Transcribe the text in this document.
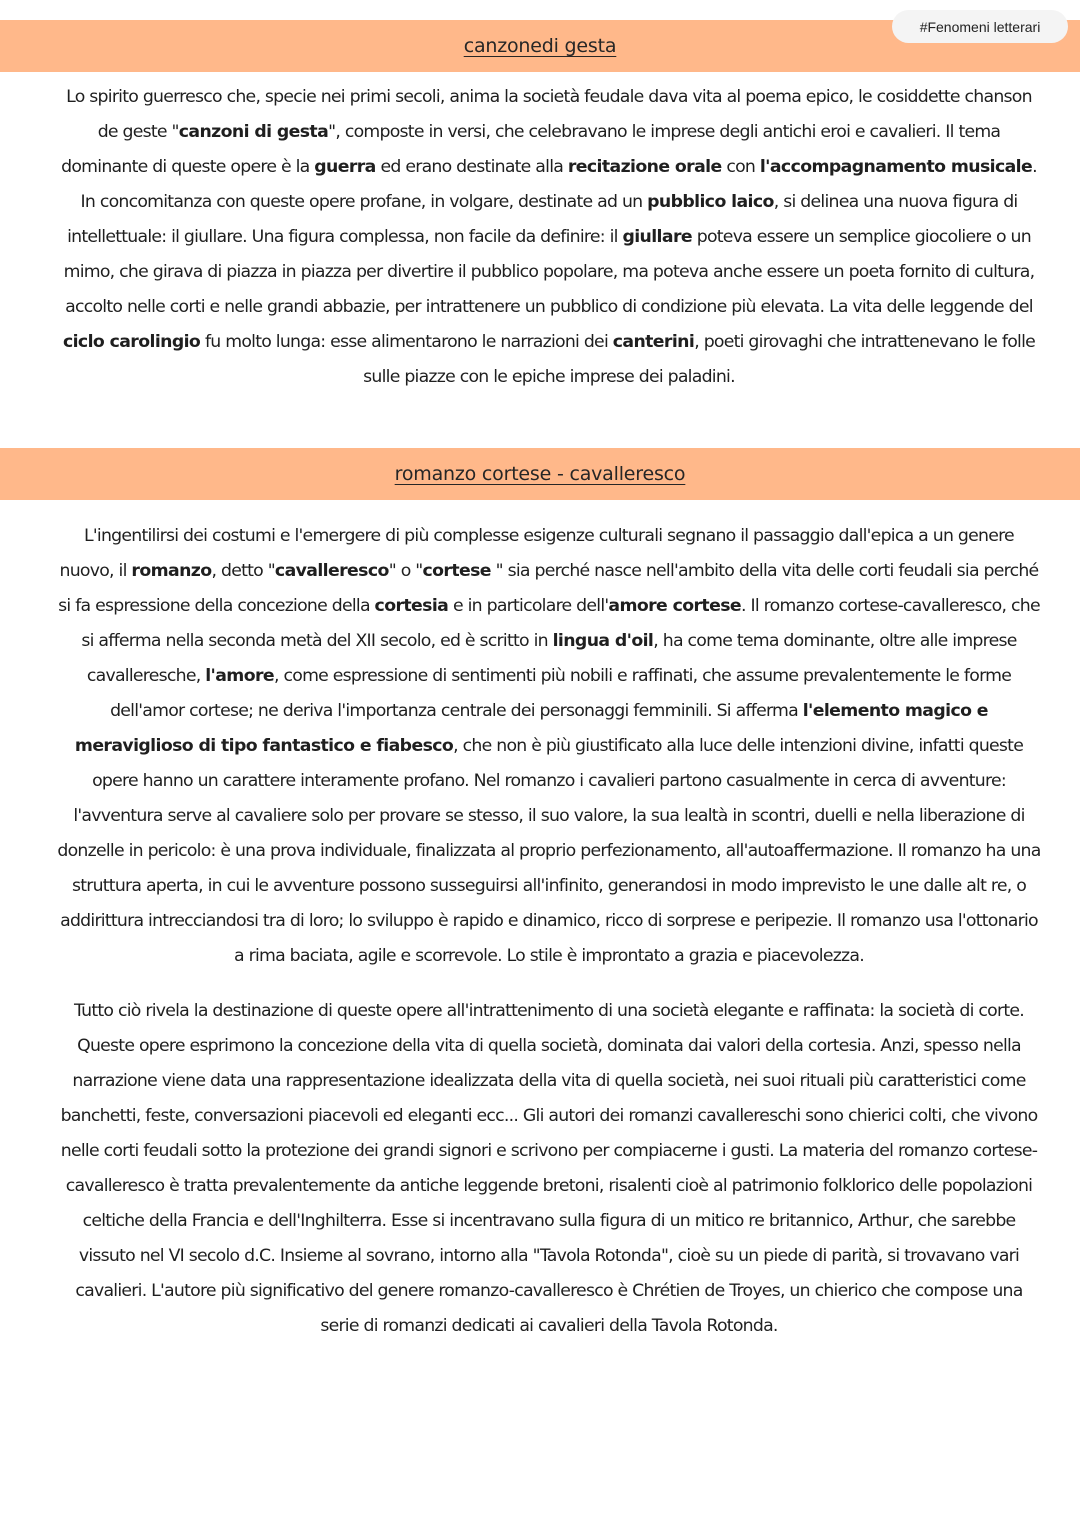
canzonedi gesta
#Fenomeni letterari

Lo spirito guerresco che, specie nei primi secoli, anima la società feudale dava vita al poema epico, le cosiddette chanson de geste "canzoni di gesta", composte in versi, che celebravano le imprese degli antichi eroi e cavalieri. Il tema dominante di queste opere è la guerra ed erano destinate alla recitazione orale con l'accompagnamento musicale. In concomitanza con queste opere profane, in volgare, destinate ad un pubblico laico, si delinea una nuova figura di intellettuale: il giullare. Una figura complessa, non facile da definire: il giullare poteva essere un semplice giocoliere o un mimo, che girava di piazza in piazza per divertire il pubblico popolare, ma poteva anche essere un poeta fornito di cultura, accolto nelle corti e nelle grandi abbazie, per intrattenere un pubblico di condizione più elevata. La vita delle leggende del ciclo carolingio fu molto lunga: esse alimentarono le narrazioni dei canterini, poeti girovaghi che intrattenevano le folle sulle piazze con le epiche imprese dei paladini.

romanzo cortese - cavalleresco

L'ingentilirsi dei costumi e l'emergere di più complesse esigenze culturali segnano il passaggio dall'epica a un genere nuovo, il romanzo, detto "cavalleresco" o "cortese " sia perché nasce nell'ambito della vita delle corti feudali sia perché si fa espressione della concezione della cortesia e in particolare dell'amore cortese. Il romanzo cortese-cavalleresco, che si afferma nella seconda metà del XII secolo, ed è scritto in lingua d'oil, ha come tema dominante, oltre alle imprese cavalleresche, l'amore, come espressione di sentimenti più nobili e raffinati, che assume prevalentemente le forme dell'amor cortese; ne deriva l'importanza centrale dei personaggi femminili. Si afferma l'elemento magico e meraviglioso di tipo fantastico e fiabesco, che non è più giustificato alla luce delle intenzioni divine, infatti queste opere hanno un carattere interamente profano. Nel romanzo i cavalieri partono casualmente in cerca di avventure: l'avventura serve al cavaliere solo per provare se stesso, il suo valore, la sua lealtà in scontri, duelli e nella liberazione di donzelle in pericolo: è una prova individuale, finalizzata al proprio perfezionamento, all'autoaffermazione. Il romanzo ha una struttura aperta, in cui le avventure possono susseguirsi all'infinito, generandosi in modo imprevisto le une dalle alt re, o addirittura intrecciandosi tra di loro; lo sviluppo è rapido e dinamico, ricco di sorprese e peripezie. Il romanzo usa l'ottonario a rima baciata, agile e scorrevole. Lo stile è improntato a grazia e piacevolezza.

Tutto ciò rivela la destinazione di queste opere all'intrattenimento di una società elegante e raffinata: la società di corte. Queste opere esprimono la concezione della vita di quella società, dominata dai valori della cortesia. Anzi, spesso nella narrazione viene data una rappresentazione idealizzata della vita di quella società, nei suoi rituali più caratteristici come banchetti, feste, conversazioni piacevoli ed eleganti ecc... Gli autori dei romanzi cavallereschi sono chierici colti, che vivono nelle corti feudali sotto la protezione dei grandi signori e scrivono per compiacerne i gusti. La materia del romanzo cortese-cavalleresco è tratta prevalentemente da antiche leggende bretoni, risalenti cioè al patrimonio folklorico delle popolazioni celtiche della Francia e dell'Inghilterra. Esse si incentravano sulla figura di un mitico re britannico, Arthur, che sarebbe vissuto nel VI secolo d.C. Insieme al sovrano, intorno alla "Tavola Rotonda", cioè su un piede di parità, si trovavano vari cavalieri. L'autore più significativo del genere romanzo-cavalleresco è Chrétien de Troyes, un chierico che compose una serie di romanzi dedicati ai cavalieri della Tavola Rotonda.
